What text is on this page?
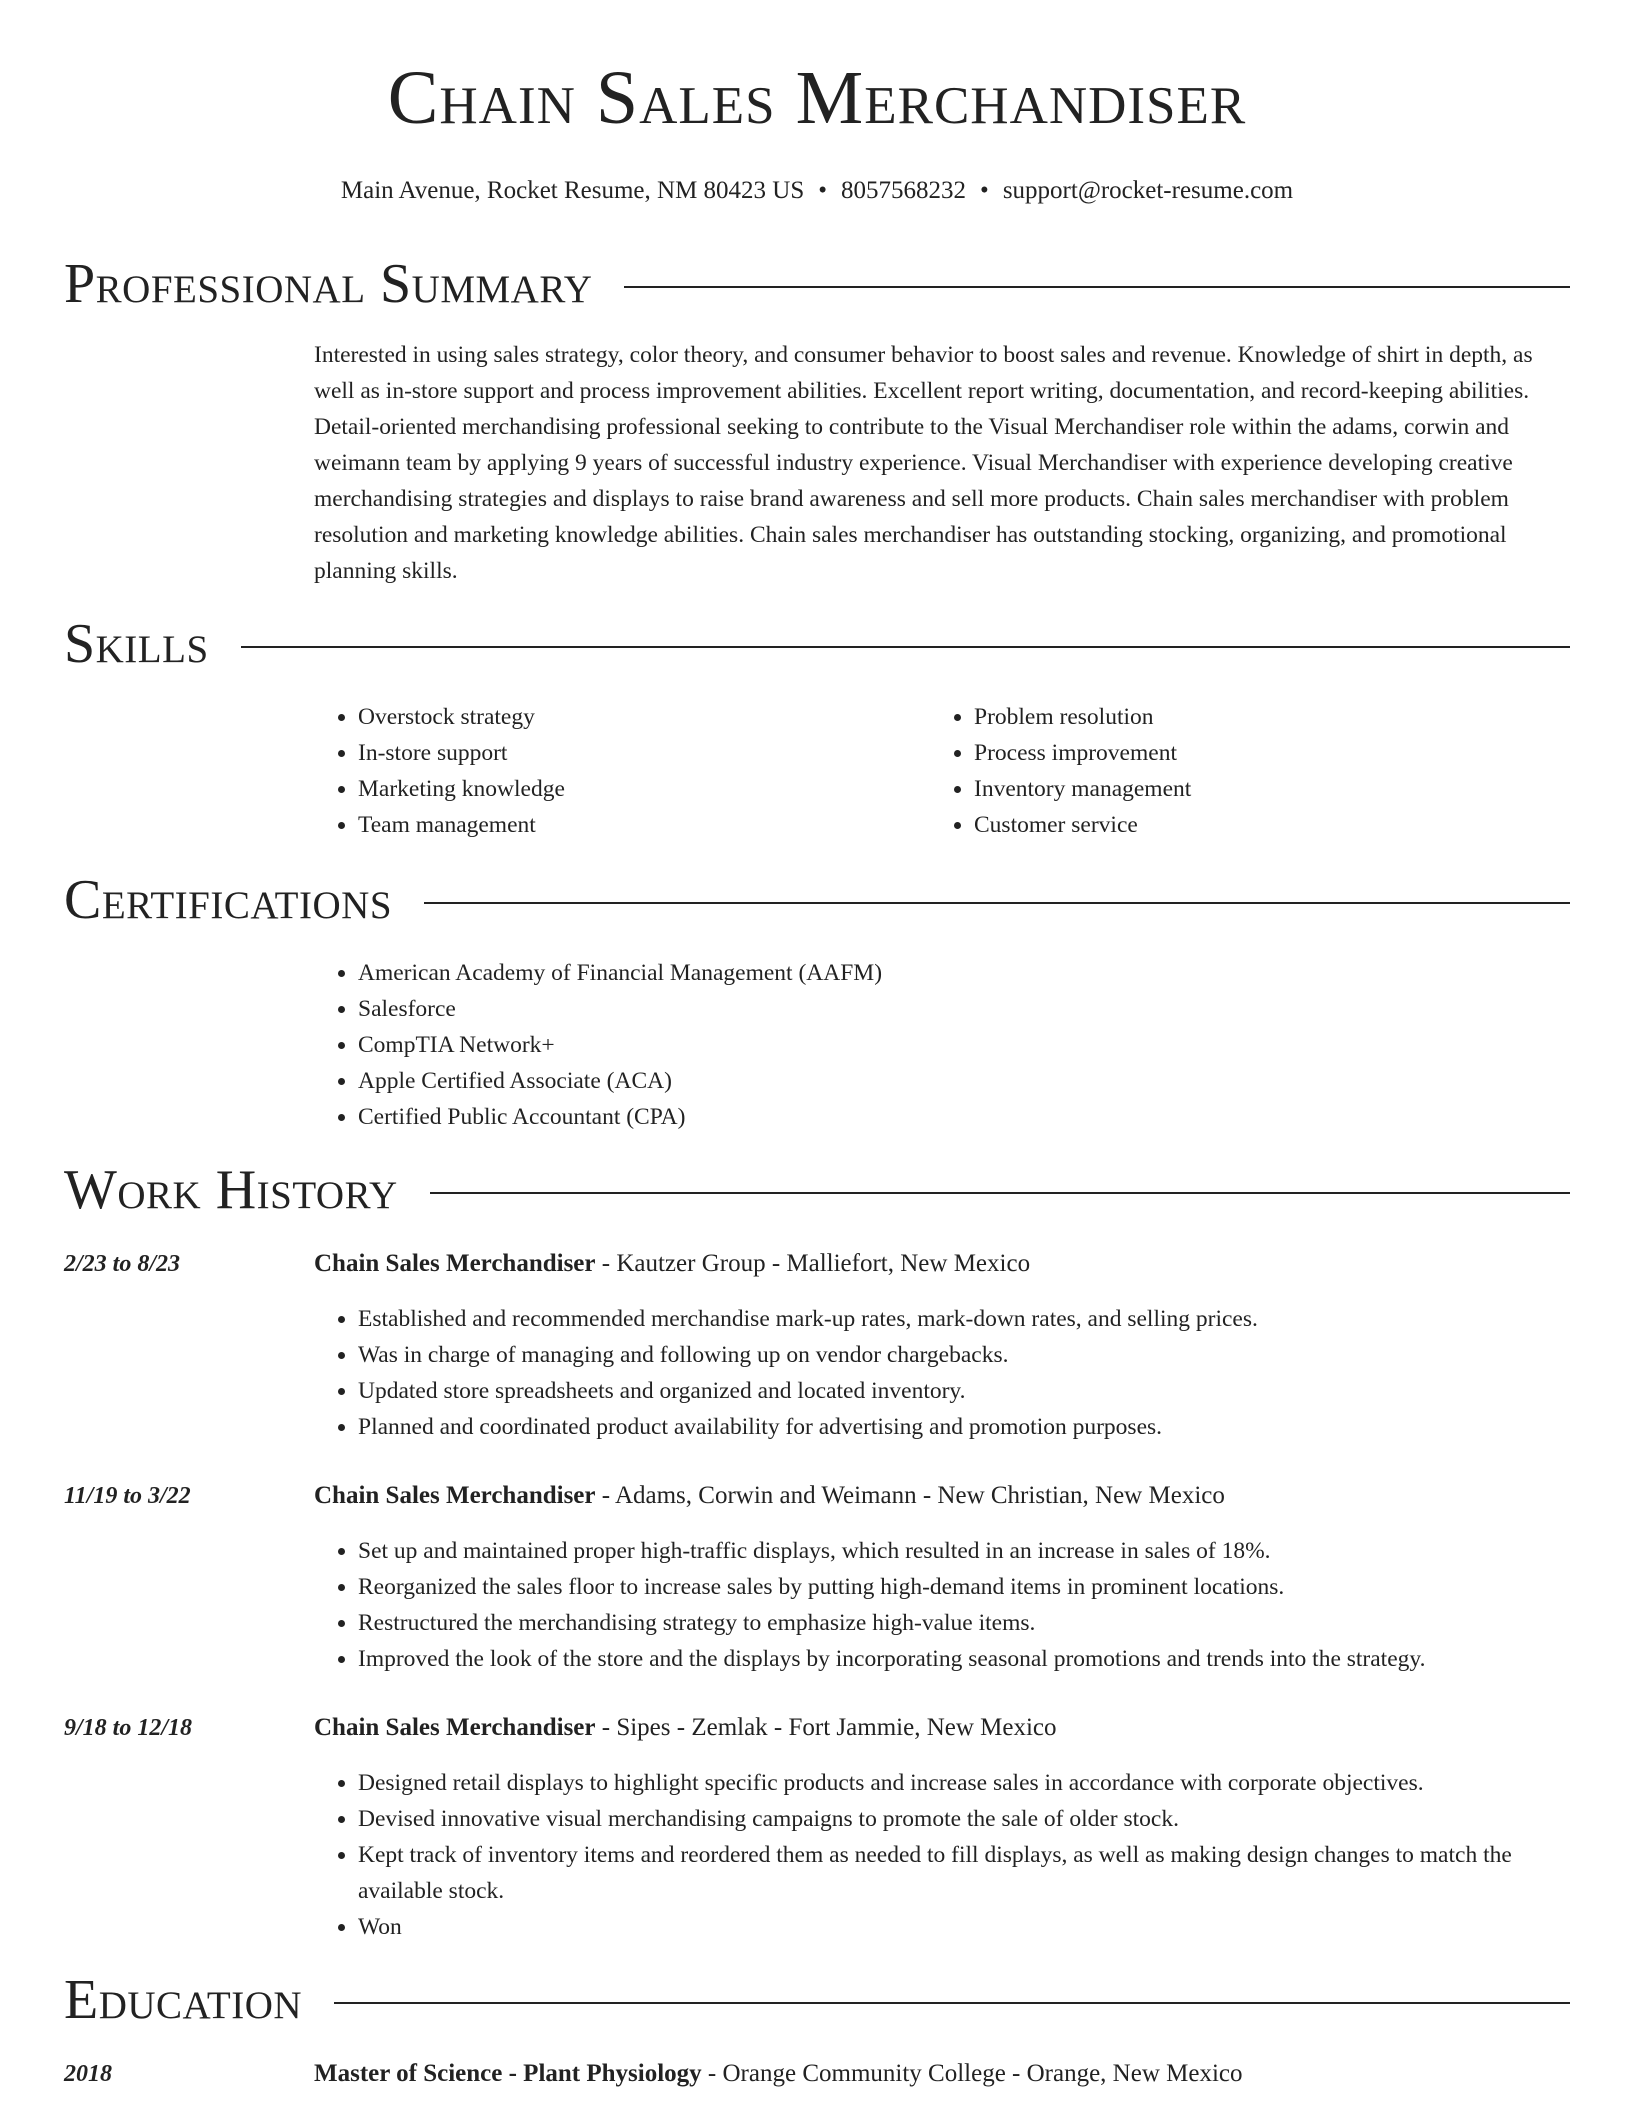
Chain Sales Merchandiser
Main Avenue, Rocket Resume, NM 80423 US • 8057568232 • support@rocket-resume.com
Professional Summary

Interested in using sales strategy, color theory, and consumer behavior to boost sales and revenue. Knowledge of shirt in depth, as well as in-store support and process improvement abilities. Excellent report writing, documentation, and record-keeping abilities. Detail-oriented merchandising professional seeking to contribute to the Visual Merchandiser role within the adams, corwin and weimann team by applying 9 years of successful industry experience. Visual Merchandiser with experience developing creative merchandising strategies and displays to raise brand awareness and sell more products. Chain sales merchandiser with problem resolution and marketing knowledge abilities. Chain sales merchandiser has outstanding stocking, organizing, and promotional planning skills.

Skills
• Overstock strategy
• In-store support
• Marketing knowledge
• Team management
• Problem resolution
• Process improvement
• Inventory management
• Customer service
Certifications
• American Academy of Financial Management (AAFM)
• Salesforce
• CompTIA Network+
• Apple Certified Associate (ACA)
• Certified Public Accountant (CPA)
Work History
2/23 to 8/23	Chain Sales Merchandiser - Kautzer Group - Malliefort, New Mexico
• Established and recommended merchandise mark-up rates, mark-down rates, and selling prices.
• Was in charge of managing and following up on vendor chargebacks.
• Updated store spreadsheets and organized and located inventory.
• Planned and coordinated product availability for advertising and promotion purposes.
11/19 to 3/22	Chain Sales Merchandiser - Adams, Corwin and Weimann - New Christian, New Mexico
• Set up and maintained proper high-traffic displays, which resulted in an increase in sales of 18%.
• Reorganized the sales floor to increase sales by putting high-demand items in prominent locations.
• Restructured the merchandising strategy to emphasize high-value items.
• Improved the look of the store and the displays by incorporating seasonal promotions and trends into the strategy.
9/18 to 12/18	Chain Sales Merchandiser - Sipes - Zemlak - Fort Jammie, New Mexico
• Designed retail displays to highlight specific products and increase sales in accordance with corporate objectives.
• Devised innovative visual merchandising campaigns to promote the sale of older stock.
• Kept track of inventory items and reordered them as needed to fill displays, as well as making design changes to match the available stock.
• Won
Education
2018	Master of Science - Plant Physiology - Orange Community College - Orange, New Mexico
